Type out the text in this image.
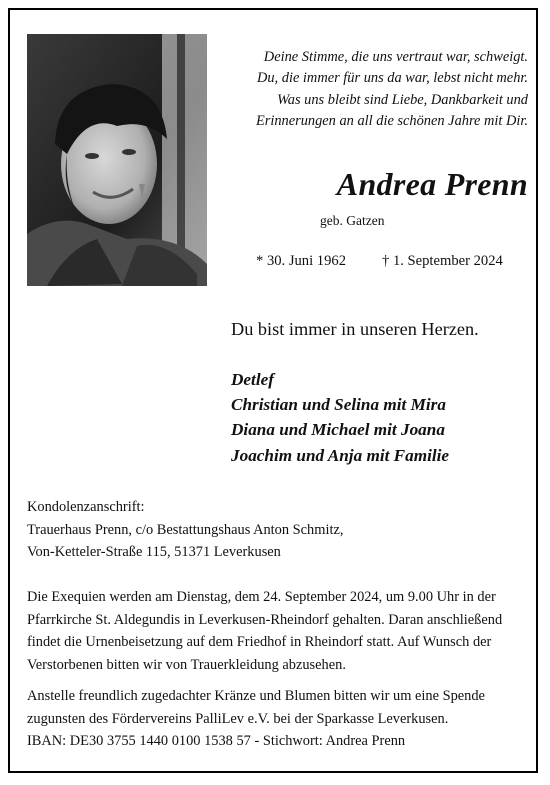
Deine Stimme, die uns vertraut war, schweigt.
Du, die immer für uns da war, lebst nicht mehr.
Was uns bleibt sind Liebe, Dankbarkeit und
Erinnerungen an all die schönen Jahre mit Dir.
Andrea Prenn
geb. Gatzen
* 30. Juni 1962 † 1. September 2024
Du bist immer in unseren Herzen.
Detlef
Christian und Selina mit Mira
Diana und Michael mit Joana
Joachim und Anja mit Familie
Kondolenzanschrift:
Trauerhaus Prenn, c/o Bestattungshaus Anton Schmitz,
Von-Ketteler-Straße 115, 51371 Leverkusen
Die Exequien werden am Dienstag, dem 24. September 2024, um 9.00 Uhr in der
Pfarrkirche St. Aldegundis in Leverkusen-Rheindorf gehalten. Daran anschließend
findet die Urnenbeisetzung auf dem Friedhof in Rheindorf statt. Auf Wunsch der
Verstorbenen bitten wir von Trauerkleidung abzusehen.
Anstelle freundlich zugedachter Kränze und Blumen bitten wir um eine Spende
zugunsten des Fördervereins PalliLev e.V. bei der Sparkasse Leverkusen.
IBAN: DE30 3755 1440 0100 1538 57 - Stichwort: Andrea Prenn
